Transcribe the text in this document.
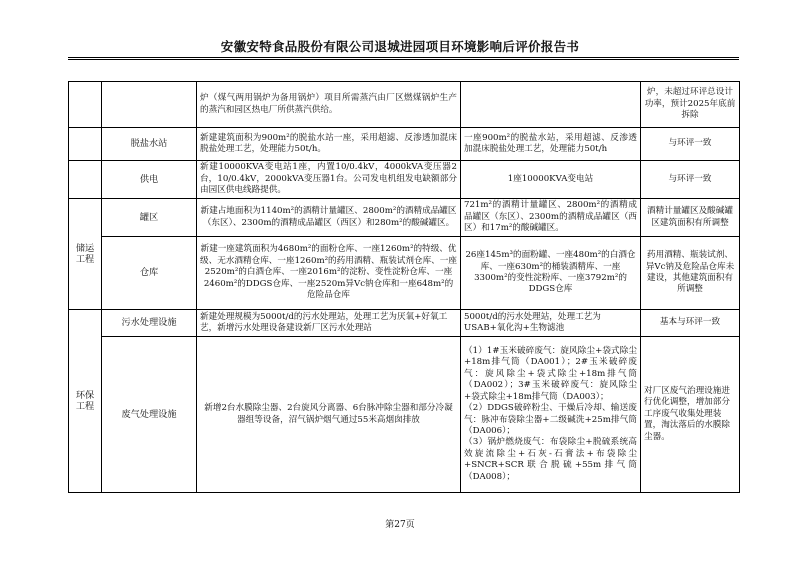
安徽安特食品股份有限公司退城进园项目环境影响后评价报告书
		炉（煤气两用锅炉为备用锅炉）项目所需蒸汽由厂区燃煤锅炉生产的蒸汽和园区热电厂所供蒸汽供给。		炉，未超过环评总设计功率，预计2025年底前拆除
	脱盐水站	新建建筑面积为900m²的脱盐水站一座，采用超滤、反渗透加混床脱盐处理工艺，处理能力50t/h。	一座900m²的脱盐水站，采用超滤、反渗透加混床脱盐处理工艺，处理能力50t/h	与环评一致
	供电	新建10000KVA变电站1座，内置10/0.4kV，4000kVA变压器2台，10/0.4kV，2000kVA变压器1台。公司发电机组发电缺额部分由园区供电线路提供。	1座10000KVA变电站	与环评一致
储运
工程	罐区	新建占地面积为1140m²的酒精计量罐区、2800m²的酒精成品罐区（东区）、2300m的酒精成品罐区（西区）和280m²的酸碱罐区。	721m²的酒精计量罐区、2800m²的酒精成品罐区（东区）、2300m的酒精成品罐区（西区）和17m²的酸碱罐区。	酒精计量罐区及酸碱罐区建筑面积有所调整
	仓库	新建一座建筑面积为4680m²的面粉仓库、一座1260m²的特级、优级、无水酒精仓库、一座1260m²的药用酒精、瓶装试剂仓库、一座2520m²的白酒仓库、一座2016m²的淀粉、变性淀粉仓库、一座2460m²的DDGS仓库、一座2520m异Vc钠仓库和一座648m²的危险品仓库	26座145m³的面粉罐、一座480m²的白酒仓库、一座630m²的桶装酒精库、一座3300m²的变性淀粉库、一座3792m²的DDGS仓库	药用酒精、瓶装试剂、异Vc钠及危险品仓库未建设，其他建筑面积有所调整
环保
工程	污水处理设施	新建处理规模为5000t/d的污水处理站，处理工艺为厌氧+好氧工艺，新增污水处理设备建设新厂区污水处理站	5000t/d的污水处理站，处理工艺为USAB+氧化沟+生物滤池	基本与环评一致
	废气处理设施	新增2台水膜除尘器、2台旋风分离器、6台脉冲除尘器和部分冷凝器组等设备，沼气锅炉烟气通过55米高烟囱排放	（1）1#玉米破碎废气：旋风除尘+袋式除尘+18m排气筒（DA001）；2#玉米破碎废气：旋风除尘+袋式除尘+18m排气筒（DA002）；3#玉米破碎废气：旋风除尘+袋式除尘+18m排气筒（DA003）；
（2）DDGS破碎粉尘、干燥后冷却、输送废气：脉冲布袋除尘器+二级碱洗+25m排气筒（DA006）；
（3）锅炉燃烧废气：布袋除尘+脱硫系统高效旋流除尘+石灰-石膏法+布袋除尘+SNCR+SCR联合脱硫+55m排气筒（DA008）；	对厂区废气治理设施进行优化调整，增加部分工序废气收集处理装置，淘汰落后的水膜除尘器。
第27页
